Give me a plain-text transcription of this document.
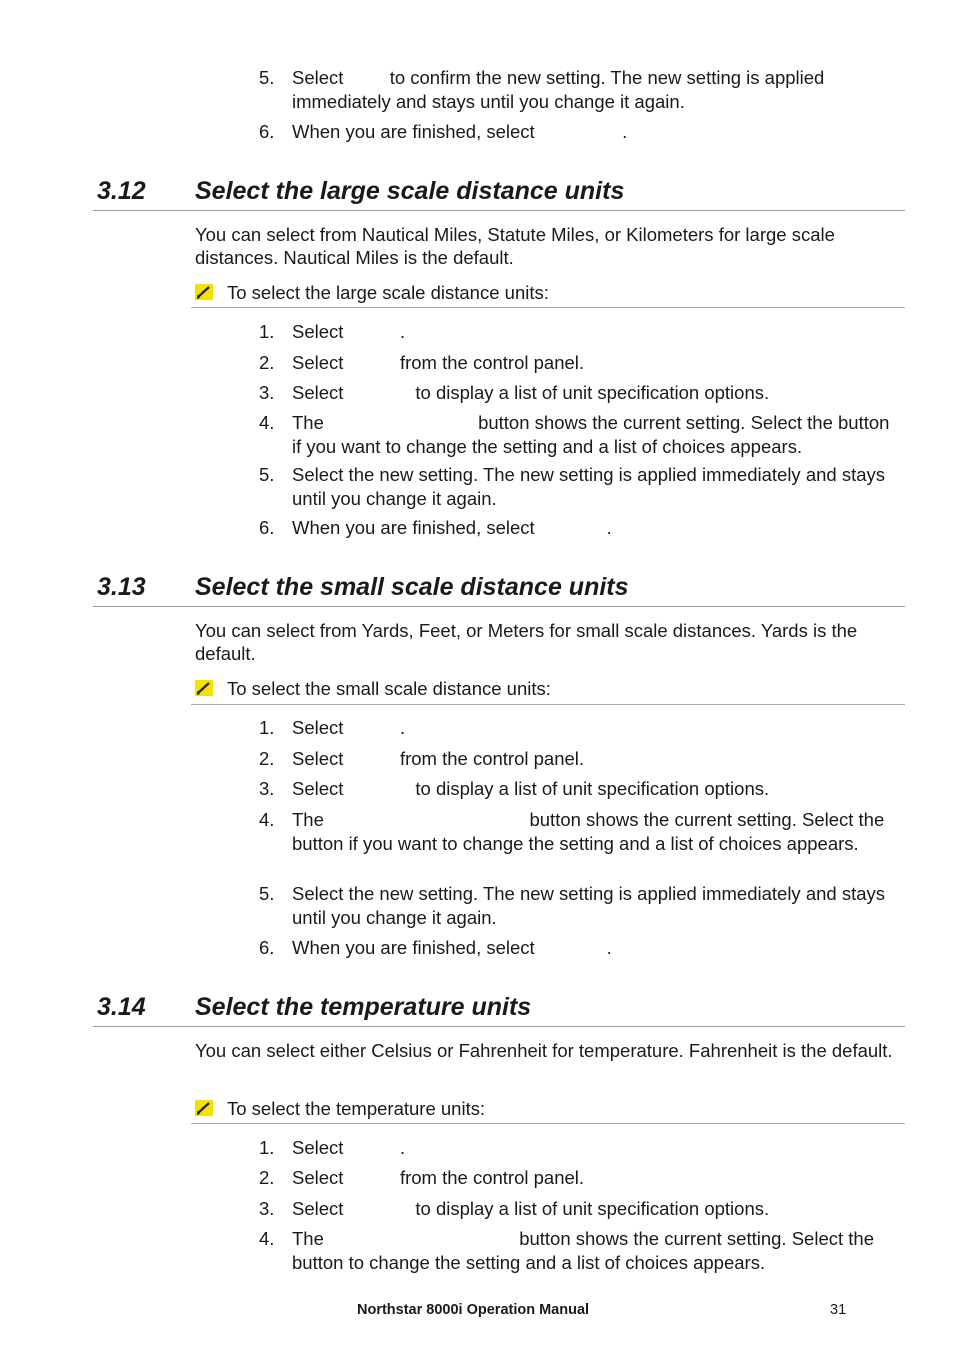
5. Select         to confirm the new setting. The new setting is applied immediately and stays until you change it again.
6. When you are finished, select	.
3.12 Select the large scale distance units
You can select from Nautical Miles, Statute Miles, or Kilometers for large scale distances. Nautical Miles is the default.
To select the large scale distance units:
1. Select           .
2. Select           from the control panel.
3. Select              to display a list of unit specification options.
4. The                              button shows the current setting. Select the button if you want to change the setting and a list of choices appears.
5. Select the new setting. The new setting is applied immediately and stays until you change it again.
6. When you are finished, select              .
3.13 Select the small scale distance units
You can select from Yards, Feet, or Meters for small scale distances. Yards is the default.
To select the small scale distance units:
1. Select           .
2. Select           from the control panel.
3. Select              to display a list of unit specification options.
4. The                                        button shows the current setting. Select the button if you want to change the setting and a list of choices appears.
5. Select the new setting. The new setting is applied immediately and stays until you change it again.
6. When you are finished, select              .
3.14 Select the temperature units
You can select either Celsius or Fahrenheit for temperature. Fahrenheit is the default.
To select the temperature units:
1. Select           .
2. Select           from the control panel.
3. Select              to display a list of unit specification options.
4. The                                      button shows the current setting. Select the button to change the setting and a list of choices appears.
Northstar 8000i Operation Manual	31
